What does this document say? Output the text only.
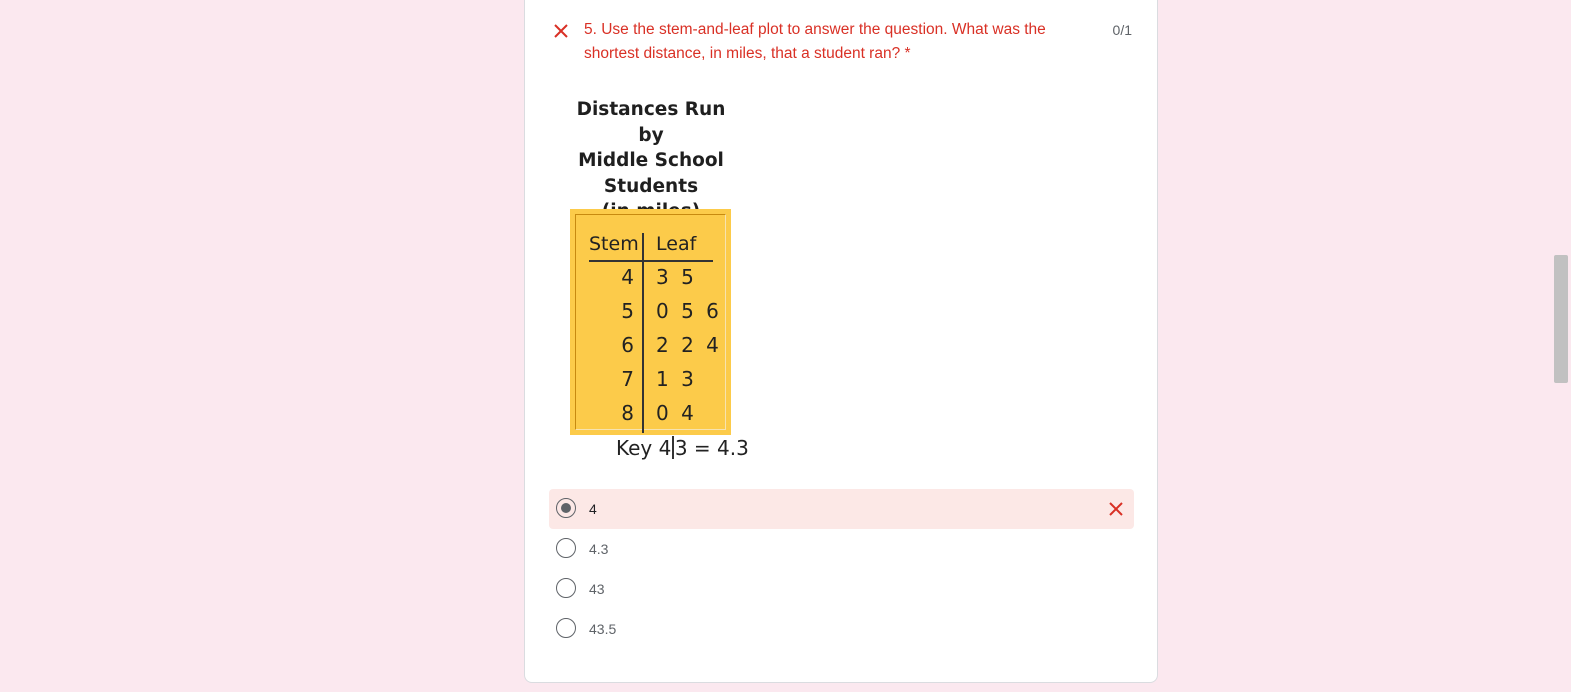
5. Use the stem-and-leaf plot to answer the question. What was the shortest distance, in miles, that a student ran? *
0/1
Distances Run by
Middle School
Students
Stem Leaf
4 3 5
5 0 5 6
6 2 2 4
7 1 3
8 0 4
Key 4 3 = 4.3
4
4.3
43
43.5
